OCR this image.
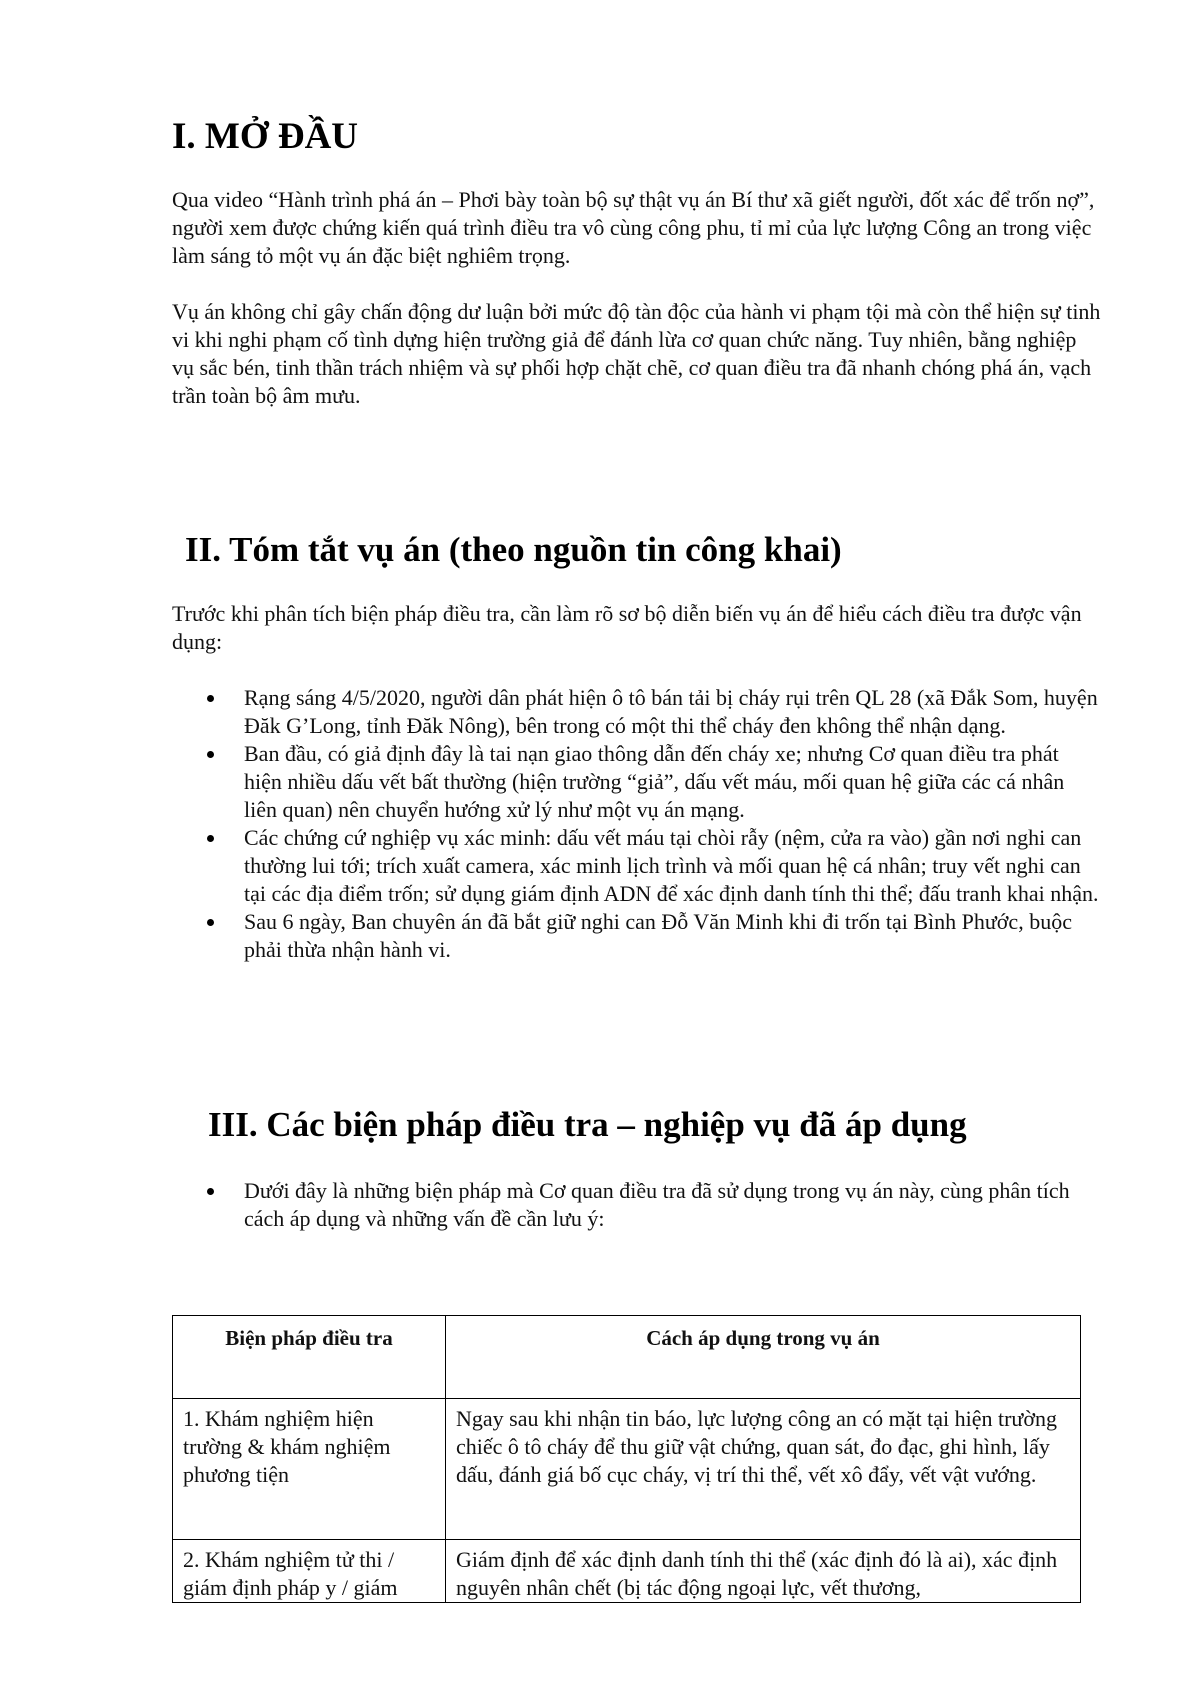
I. MỞ ĐẦU

Qua video “Hành trình phá án – Phơi bày toàn bộ sự thật vụ án Bí thư xã giết người, đốt xác để trốn nợ”, người xem được chứng kiến quá trình điều tra vô cùng công phu, tỉ mỉ của lực lượng Công an trong việc làm sáng tỏ một vụ án đặc biệt nghiêm trọng.

Vụ án không chỉ gây chấn động dư luận bởi mức độ tàn độc của hành vi phạm tội mà còn thể hiện sự tinh vi khi nghi phạm cố tình dựng hiện trường giả để đánh lừa cơ quan chức năng. Tuy nhiên, bằng nghiệp vụ sắc bén, tinh thần trách nhiệm và sự phối hợp chặt chẽ, cơ quan điều tra đã nhanh chóng phá án, vạch trần toàn bộ âm mưu.

II. Tóm tắt vụ án (theo nguồn tin công khai)

Trước khi phân tích biện pháp điều tra, cần làm rõ sơ bộ diễn biến vụ án để hiểu cách điều tra được vận dụng:

Rạng sáng 4/5/2020, người dân phát hiện ô tô bán tải bị cháy rụi trên QL 28 (xã Đắk Som, huyện Đăk G’Long, tỉnh Đăk Nông), bên trong có một thi thể cháy đen không thể nhận dạng.
Ban đầu, có giả định đây là tai nạn giao thông dẫn đến cháy xe; nhưng Cơ quan điều tra phát hiện nhiều dấu vết bất thường (hiện trường “giả”, dấu vết máu, mối quan hệ giữa các cá nhân liên quan) nên chuyển hướng xử lý như một vụ án mạng.
Các chứng cứ nghiệp vụ xác minh: dấu vết máu tại chòi rẫy (nệm, cửa ra vào) gần nơi nghi can thường lui tới; trích xuất camera, xác minh lịch trình và mối quan hệ cá nhân; truy vết nghi can tại các địa điểm trốn; sử dụng giám định ADN để xác định danh tính thi thể; đấu tranh khai nhận.
Sau 6 ngày, Ban chuyên án đã bắt giữ nghi can Đỗ Văn Minh khi đi trốn tại Bình Phước, buộc phải thừa nhận hành vi.
III. Các biện pháp điều tra – nghiệp vụ đã áp dụng
Dưới đây là những biện pháp mà Cơ quan điều tra đã sử dụng trong vụ án này, cùng phân tích cách áp dụng và những vấn đề cần lưu ý:
Biện pháp điều tra	Cách áp dụng trong vụ án
1. Khám nghiệm hiện trường & khám nghiệm phương tiện	Ngay sau khi nhận tin báo, lực lượng công an có mặt tại hiện trường chiếc ô tô cháy để thu giữ vật chứng, quan sát, đo đạc, ghi hình, lấy dấu, đánh giá bố cục cháy, vị trí thi thể, vết xô đẩy, vết vật vướng.

2. Khám nghiệm tử thi / giám định pháp y / giám	Giám định để xác định danh tính thi thể (xác định đó là ai), xác định nguyên nhân chết (bị tác động ngoại lực, vết thương,
